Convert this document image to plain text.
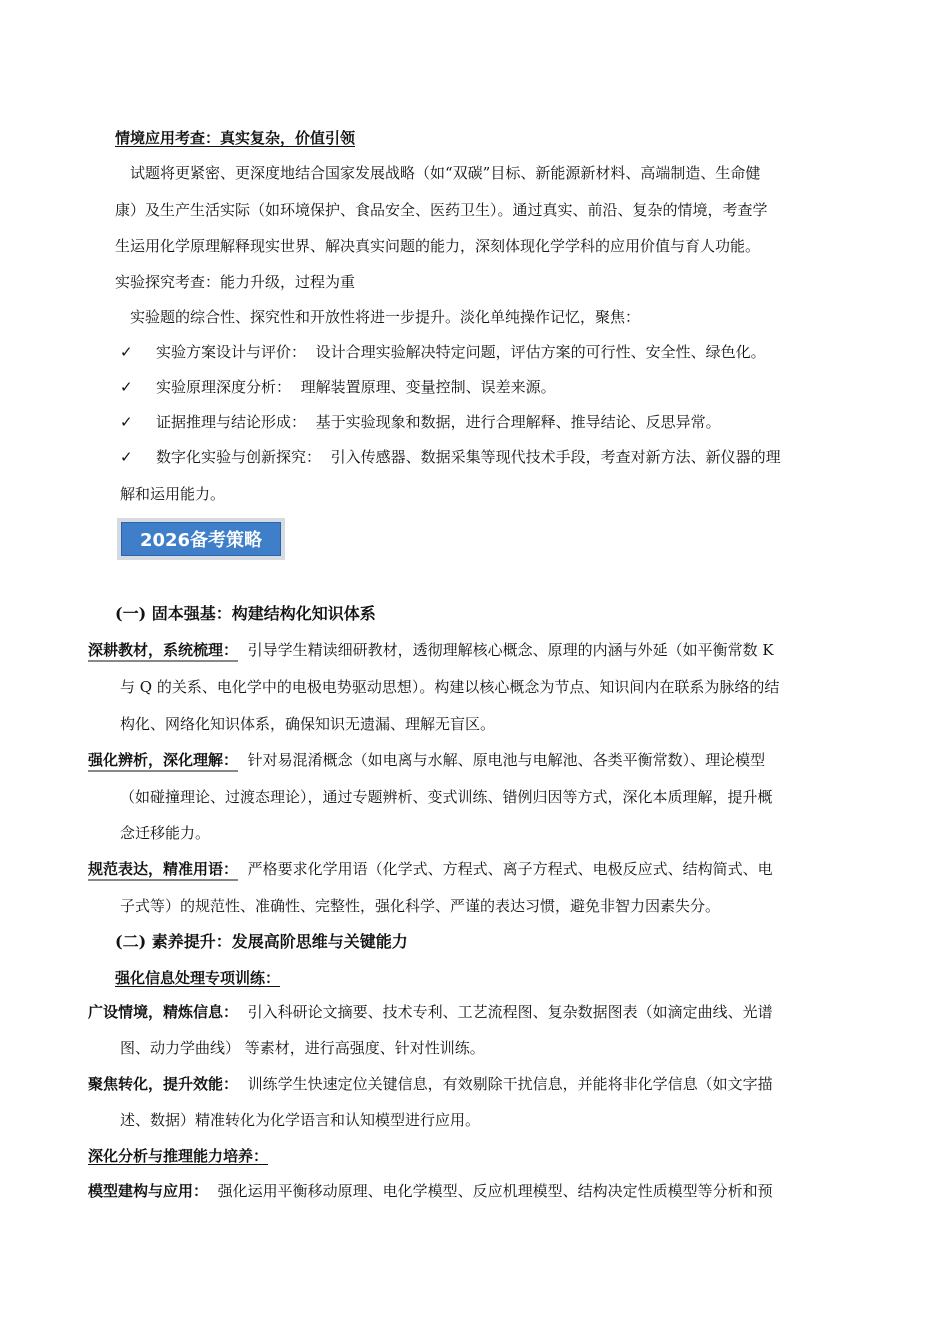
情境应用考查：真实复杂，价值引领
试题将更紧密、更深度地结合国家发展战略（如“双碳”目标、新能源新材料、高端制造、生命健
康）及生产生活实际（如环境保护、食品安全、医药卫生）。通过真实、前沿、复杂的情境，考查学
生运用化学原理解释现实世界、解决真实问题的能力，深刻体现化学学科的应用价值与育人功能。
实验探究考查：能力升级，过程为重
实验题的综合性、探究性和开放性将进一步提升。淡化单纯操作记忆，聚焦：
✓ 实验方案设计与评价： 设计合理实验解决特定问题，评估方案的可行性、安全性、绿色化。
✓ 实验原理深度分析： 理解装置原理、变量控制、误差来源。
✓ 证据推理与结论形成： 基于实验现象和数据，进行合理解释、推导结论、反思异常。
✓ 数字化实验与创新探究： 引入传感器、数据采集等现代技术手段，考查对新方法、新仪器的理
解和运用能力。
2026备考策略
(一) 固本强基：构建结构化知识体系
深耕教材，系统梳理： 引导学生精读细研教材，透彻理解核心概念、原理的内涵与外延（如平衡常数 K
与 Q 的关系、电化学中的电极电势驱动思想）。构建以核心概念为节点、知识间内在联系为脉络的结
构化、网络化知识体系，确保知识无遗漏、理解无盲区。
强化辨析，深化理解： 针对易混淆概念（如电离与水解、原电池与电解池、各类平衡常数）、理论模型
（如碰撞理论、过渡态理论），通过专题辨析、变式训练、错例归因等方式，深化本质理解，提升概
念迁移能力。
规范表达，精准用语： 严格要求化学用语（化学式、方程式、离子方程式、电极反应式、结构简式、电
子式等）的规范性、准确性、完整性，强化科学、严谨的表达习惯，避免非智力因素失分。
(二) 素养提升：发展高阶思维与关键能力
强化信息处理专项训练：
广设情境，精炼信息： 引入科研论文摘要、技术专利、工艺流程图、复杂数据图表（如滴定曲线、光谱
图、动力学曲线） 等素材，进行高强度、针对性训练。
聚焦转化，提升效能： 训练学生快速定位关键信息，有效剔除干扰信息，并能将非化学信息（如文字描
述、数据）精准转化为化学语言和认知模型进行应用。
深化分析与推理能力培养：
模型建构与应用： 强化运用平衡移动原理、电化学模型、反应机理模型、结构决定性质模型等分析和预
